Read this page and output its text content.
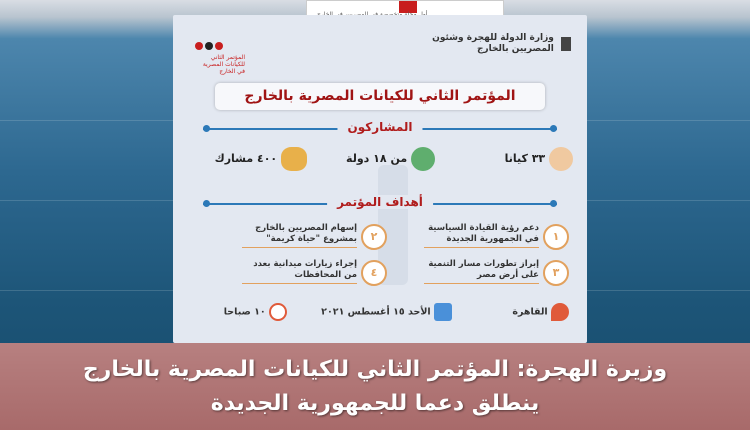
المؤتمر الثاني
للكيانات المصرية
في الخارج

وزارة الدولة للهجرة وشئون
المصريين بالخارج
المؤتمر الثاني للكيانات المصرية بالخارج
المشاركون
٣٣ كيانا
من ١٨ دولة
٤٠٠ مشارك
أهداف المؤتمر
١
دعم رؤية القيادة السياسية في الجمهورية الجديدة
٢
إسهام المصريين بالخارج بمشروع "حياة كريمة"
٣
إبراز تطورات مسار التنمية على أرض مصر
٤
إجراء زيارات ميدانية بعدد من المحافظات
القاهرة
الأحد ١٥ أغسطس ٢٠٢١
١٠ صباحا
وزيرة الهجرة: المؤتمر الثاني للكيانات المصرية بالخارج
ينطلق دعما للجمهورية الجديدة
